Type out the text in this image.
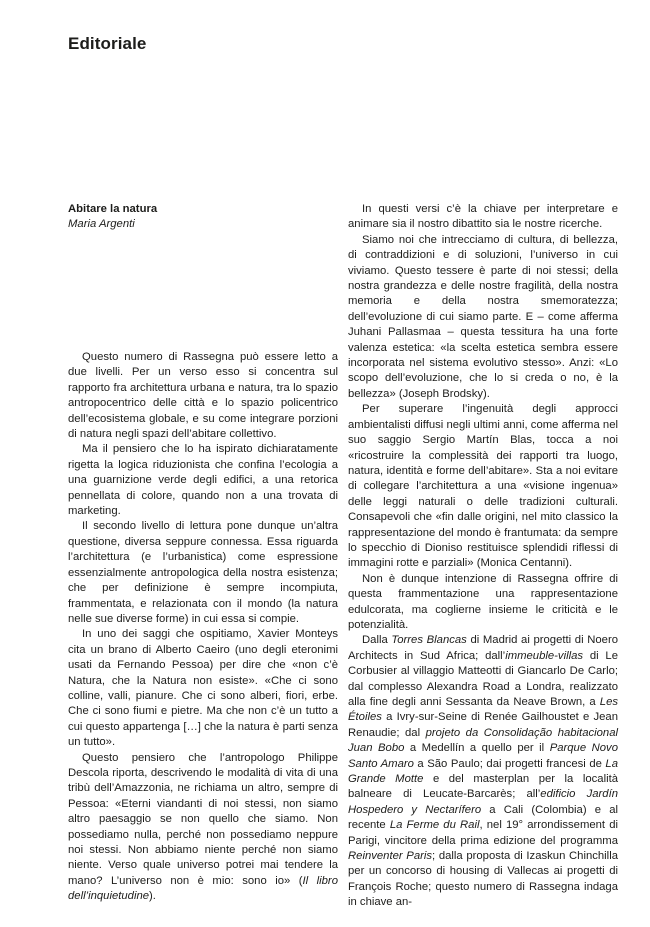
Editoriale
Abitare la natura
Maria Argenti

Questo numero di Rassegna può essere letto a due livelli. Per un verso esso si concentra sul rapporto fra architettura urbana e natura, tra lo spazio antropocentrico delle città e lo spazio policentrico dell’ecosistema globale, e su come integrare porzioni di natura negli spazi dell’abitare collettivo.

Ma il pensiero che lo ha ispirato dichiaratamente rigetta la logica riduzionista che confina l’ecologia a una guarnizione verde degli edifici, a una retorica pennellata di colore, quando non a una trovata di marketing.

Il secondo livello di lettura pone dunque un’altra questione, diversa seppure connessa. Essa riguarda l’architettura (e l’urbanistica) come espressione essenzialmente antropologica della nostra esistenza; che per definizione è sempre incompiuta, frammentata, e relazionata con il mondo (la natura nelle sue diverse forme) in cui essa si compie.

In uno dei saggi che ospitiamo, Xavier Monteys cita un brano di Alberto Caeiro (uno degli eteronimi usati da Fernando Pessoa) per dire che «non c’è Natura, che la Natura non esiste». «Che ci sono colline, valli, pianure. Che ci sono alberi, fiori, erbe. Che ci sono fiumi e pietre. Ma che non c’è un tutto a cui questo appartenga […] che la natura è parti senza un tutto».

Questo pensiero che l’antropologo Philippe Descola riporta, descrivendo le modalità di vita di una tribù dell’Amazzonia, ne richiama un altro, sempre di Pessoa: «Eterni viandanti di noi stessi, non siamo altro paesaggio se non quello che siamo. Non possediamo nulla, perché non possediamo neppure noi stessi. Non abbiamo niente perché non siamo niente. Verso quale universo potrei mai tendere la mano? L’universo non è mio: sono io» (Il libro dell’inquietudine).

In questi versi c’è la chiave per interpretare e animare sia il nostro dibattito sia le nostre ricerche.

Siamo noi che intrecciamo di cultura, di bellezza, di contraddizioni e di soluzioni, l’universo in cui viviamo. Questo tessere è parte di noi stessi; della nostra grandezza e delle nostre fragilità, della nostra memoria e della nostra smemoratezza; dell’evoluzione di cui siamo parte. E – come afferma Juhani Pallasmaa – questa tessitura ha una forte valenza estetica: «la scelta estetica sembra essere incorporata nel sistema evolutivo stesso». Anzi: «Lo scopo dell’evoluzione, che lo si creda o no, è la bellezza» (Joseph Brodsky).

Per superare l’ingenuità degli approcci ambientalisti diffusi negli ultimi anni, come afferma nel suo saggio Sergio Martín Blas, tocca a noi «ricostruire la complessità dei rapporti tra luogo, natura, identità e forme dell’abitare». Sta a noi evitare di collegare l’architettura a una «visione ingenua» delle leggi naturali o delle tradizioni culturali. Consapevoli che «fin dalle origini, nel mito classico la rappresentazione del mondo è frantumata: da sempre lo specchio di Dioniso restituisce splendidi riflessi di immagini rotte e parziali» (Monica Centanni).

Non è dunque intenzione di Rassegna offrire di questa frammentazione una rappresentazione edulcorata, ma coglierne insieme le criticità e le potenzialità.

Dalla Torres Blancas di Madrid ai progetti di Noero Architects in Sud Africa; dall’immeuble-villas di Le Corbusier al villaggio Matteotti di Giancarlo De Carlo; dal complesso Alexandra Road a Londra, realizzato alla fine degli anni Sessanta da Neave Brown, a Les Étoiles a Ivry-sur-Seine di Renée Gailhoustet e Jean Renaudie; dal projeto da Consolidação habitacional Juan Bobo a Medellín a quello per il Parque Novo Santo Amaro a São Paulo; dai progetti francesi de La Grande Motte e del masterplan per la località balneare di Leucate-Barcarès; all’edificio Jardín Hospedero y Nectarífero a Cali (Colombia) e al recente La Ferme du Rail, nel 19° arrondissement di Parigi, vincitore della prima edizione del programma Reinventer Paris; dalla proposta di Izaskun Chinchilla per un concorso di housing di Vallecas ai progetti di François Roche; questo numero di Rassegna indaga in chiave an-
